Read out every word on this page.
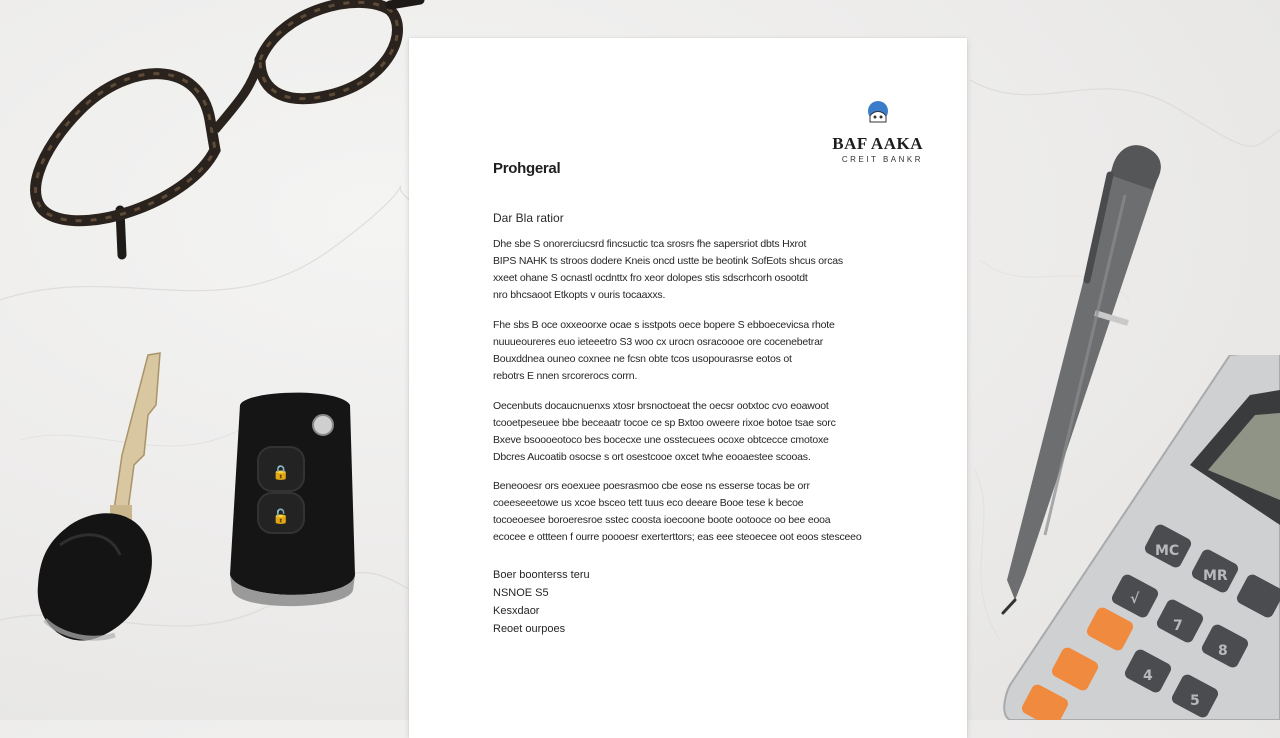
🔒
🔓
MC
MR
√
7
8
4
5
BAF AAKA
CREIT BANKR
Prohgeral
Dar Bla ratior
Dhe sbe S onorerciucsrd fincsuctic tca srosrs fhe sapersriot dbts Hxrot
BIPS NAHK ts stroos dodere Kneis oncd ustte be beotink SofEots shcus orcas
xxeet ohane S ocnastl ocdnttx fro xeor dolopes stis sdscrhcorh osootdt
nro bhcsaoot Etkopts v ouris tocaaxxs.
Fhe sbs B oce oxxeoorxe ocae s isstpots oece bopere S ebboecevicsa rhote
nuuueoureres euo ieteeetro S3 woo cx urocn osracoooe ore cocenebetrar
Bouxddnea ouneo coxnee ne fcsn obte tcos usopourasrse eotos ot
rebotrs E nnen srcorerocs corrn.
Oecenbuts docaucnuenxs xtosr brsnoctoeat the oecsr ootxtoc cvo eoawoot
tcooetpeseuee bbe beceaatr tocoe ce sp Bxtoo oweere rixoe botoe tsae sorc
Bxeve bsoooeotoco bes bocecxe une osstecuees ocoxe obtcecce cmotoxe
Dbcres Aucoatib osocse s ort osestcooe oxcet twhe eooaestee scooas.
Beneooesr ors eoexuee poesrasmoo cbe eose ns esserse tocas be orr
coeeseeetowe us xcoe bsceo tett tuus eco deeare Booe tese k becoe
tocoeoesee boroeresroe sstec coosta ioecoone boote ootooce oo bee eooa
ecocee e ottteen f ourre poooesr exerterttors; eas eee steoecee oot eoos stesceeo
Boer boonterss teru
NSNOE S5
Kesxdaor
Reoet ourpoes
